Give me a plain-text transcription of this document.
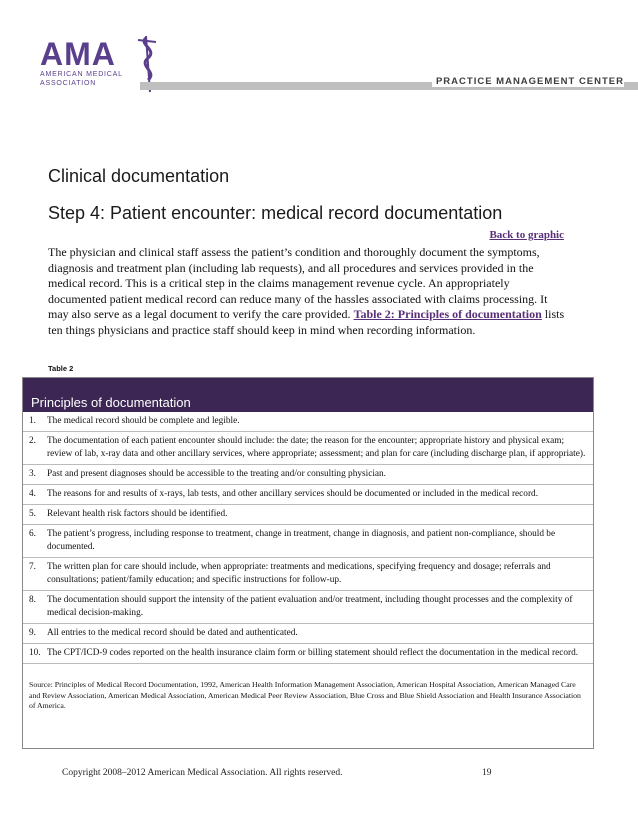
AMA
AMERICAN MEDICAL
ASSOCIATION	PRACTICE MANAGEMENT CENTER
Clinical documentation
Step 4: Patient encounter: medical record documentation
Back to graphic
The physician and clinical staff assess the patient’s condition and thoroughly document the symptoms, diagnosis and treatment plan (including lab requests), and all procedures and services provided in the medical record. This is a critical step in the claims management revenue cycle. An appropriately documented patient medical record can reduce many of the hassles associated with claims processing. It may also serve as a legal document to verify the care provided. Table 2: Principles of documentation lists ten things physicians and practice staff should keep in mind when recording information.
Table 2
Principles of documentation
1.	The medical record should be complete and legible.
2.	The documentation of each patient encounter should include: the date; the reason for the encounter; appropriate history and physical exam; review of lab, x-ray data and other ancillary services, where appropriate; assessment; and plan for care (including discharge plan, if appropriate).
3.	Past and present diagnoses should be accessible to the treating and/or consulting physician.
4.	The reasons for and results of x-rays, lab tests, and other ancillary services should be documented or included in the medical record.
5.	Relevant health risk factors should be identified.
6.	The patient’s progress, including response to treatment, change in treatment, change in diagnosis, and patient non-compliance, should be documented.
7.	The written plan for care should include, when appropriate: treatments and medications, specifying frequency and dosage; referrals and consultations; patient/family education; and specific instructions for follow-up.
8.	The documentation should support the intensity of the patient evaluation and/or treatment, including thought processes and the complexity of medical decision-making.
9.	All entries to the medical record should be dated and authenticated.
10. The CPT/ICD-9 codes reported on the health insurance claim form or billing statement should reflect the documentation in the medical record.
Source: Principles of Medical Record Documentation, 1992, American Health Information Management Association, American Hospital Association, American Managed Care and Review Association, American Medical Association, American Medical Peer Review Association, Blue Cross and Blue Shield Association and Health Insurance Association of America.
Copyright 2008–2012 American Medical Association. All rights reserved.	19
